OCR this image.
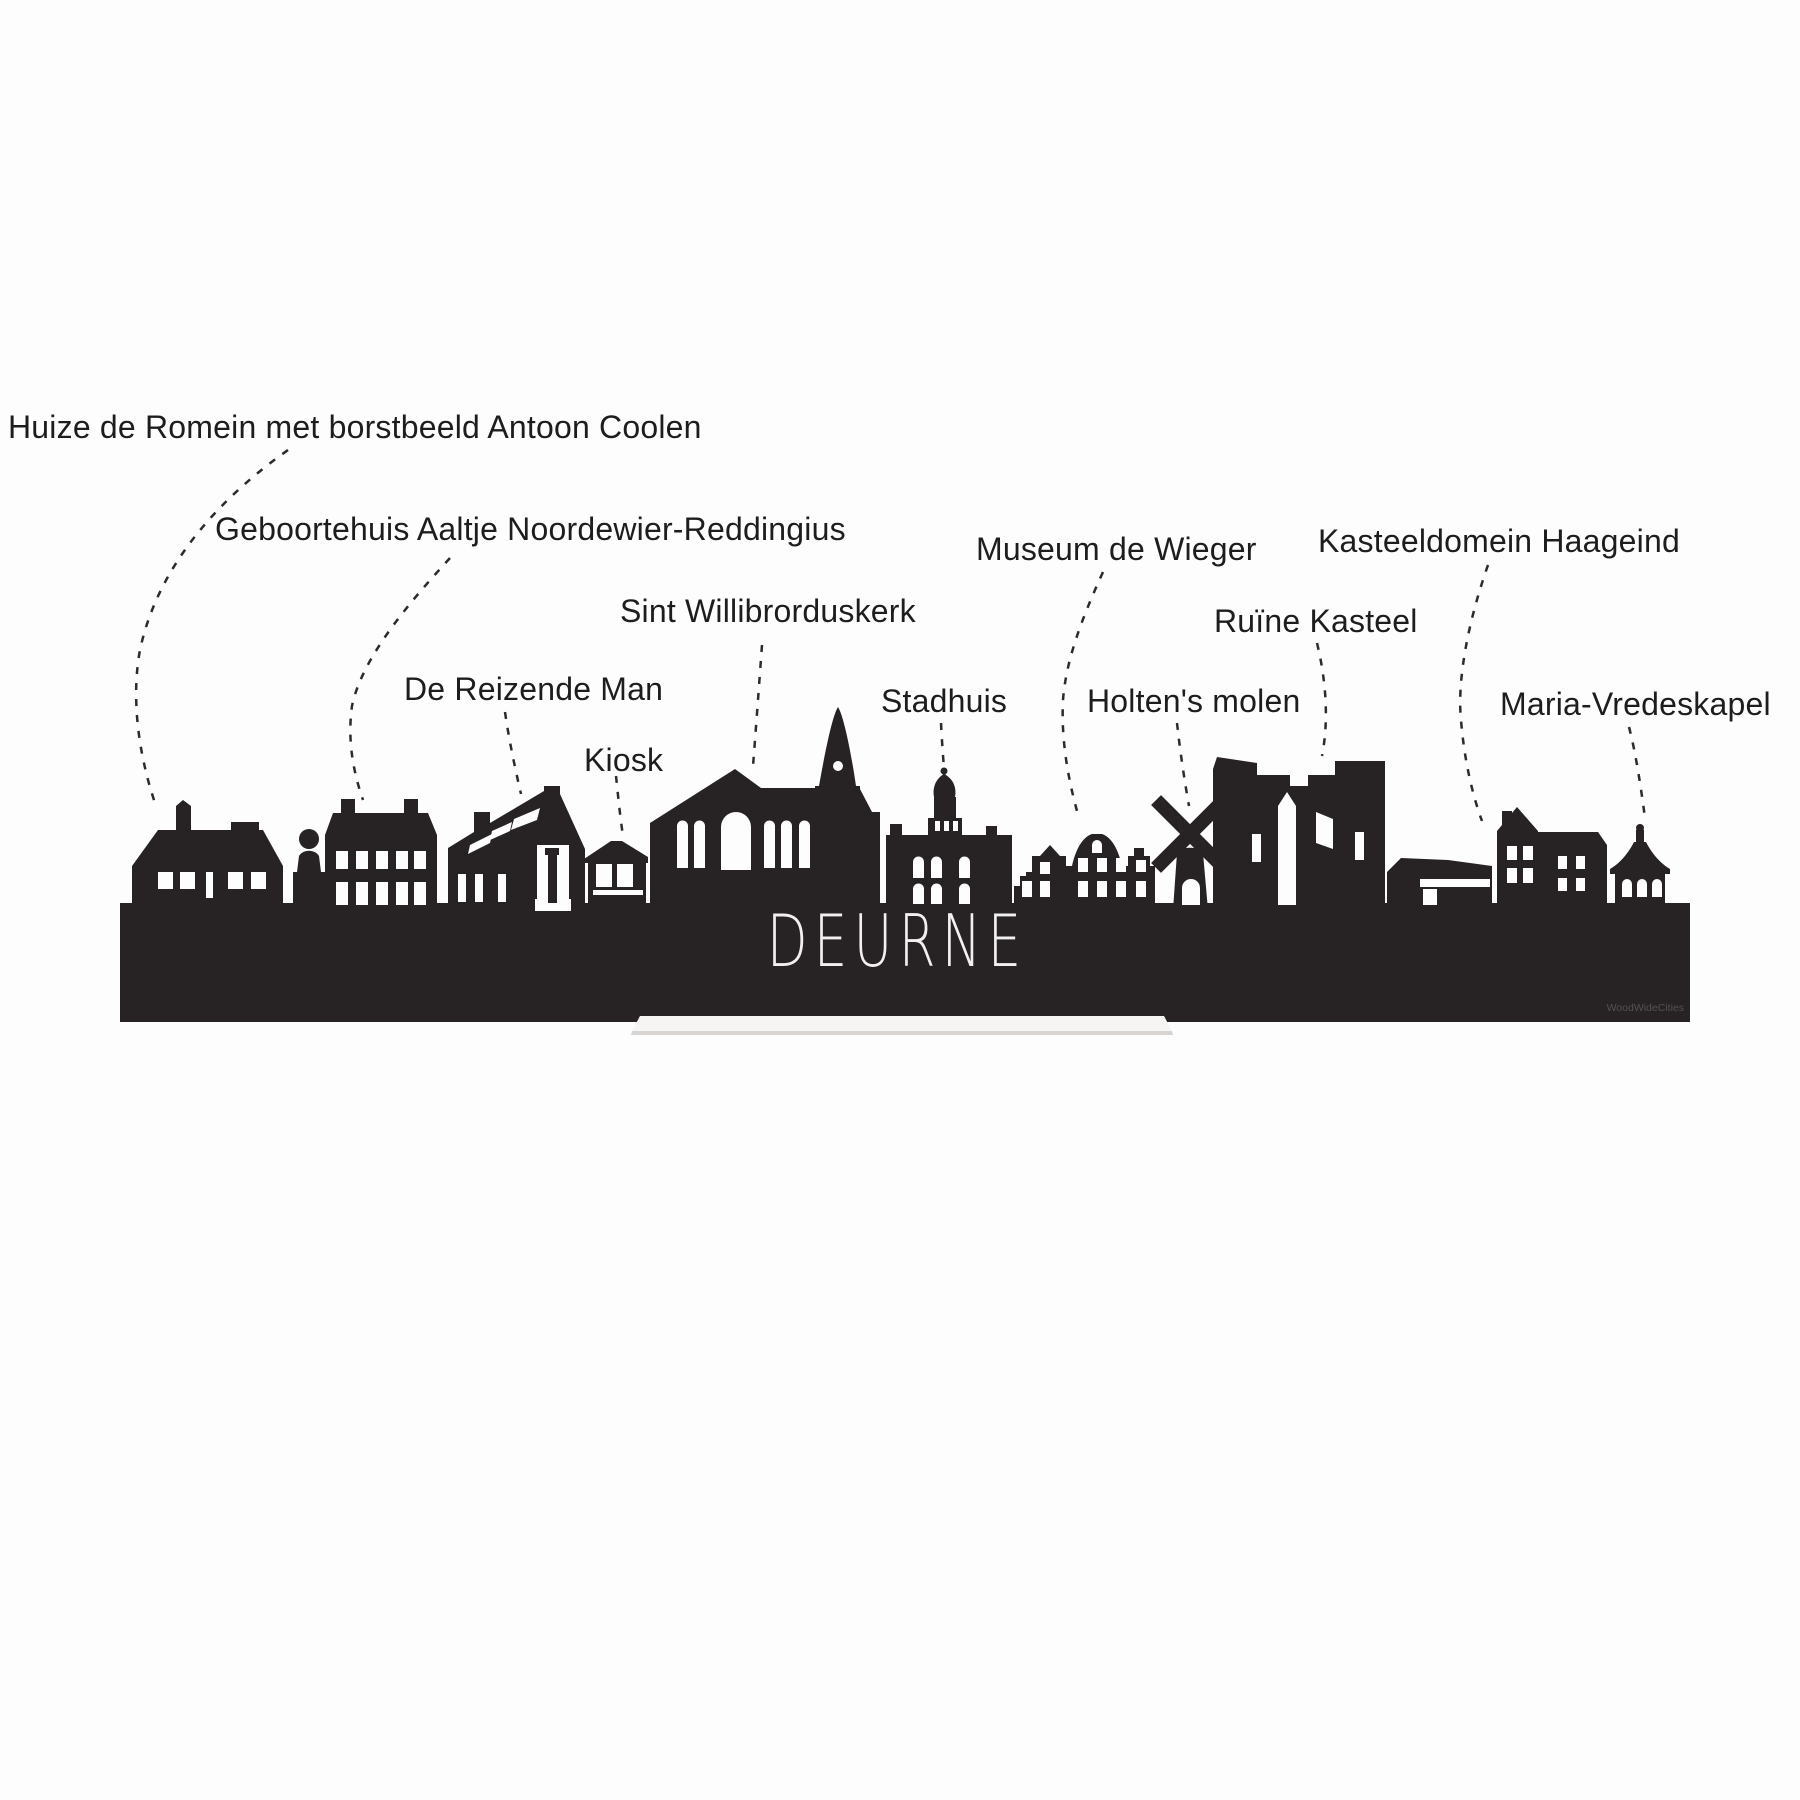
DEURNE
WoodWideCities
Huize de Romein met borstbeeld Antoon Coolen
Geboortehuis Aaltje Noordewier-Reddingius
Sint Willibrorduskerk
De Reizende Man
Kiosk
Stadhuis
Museum de Wieger
Holten's molen
Ruïne Kasteel
Kasteeldomein Haageind
Maria-Vredeskapel
